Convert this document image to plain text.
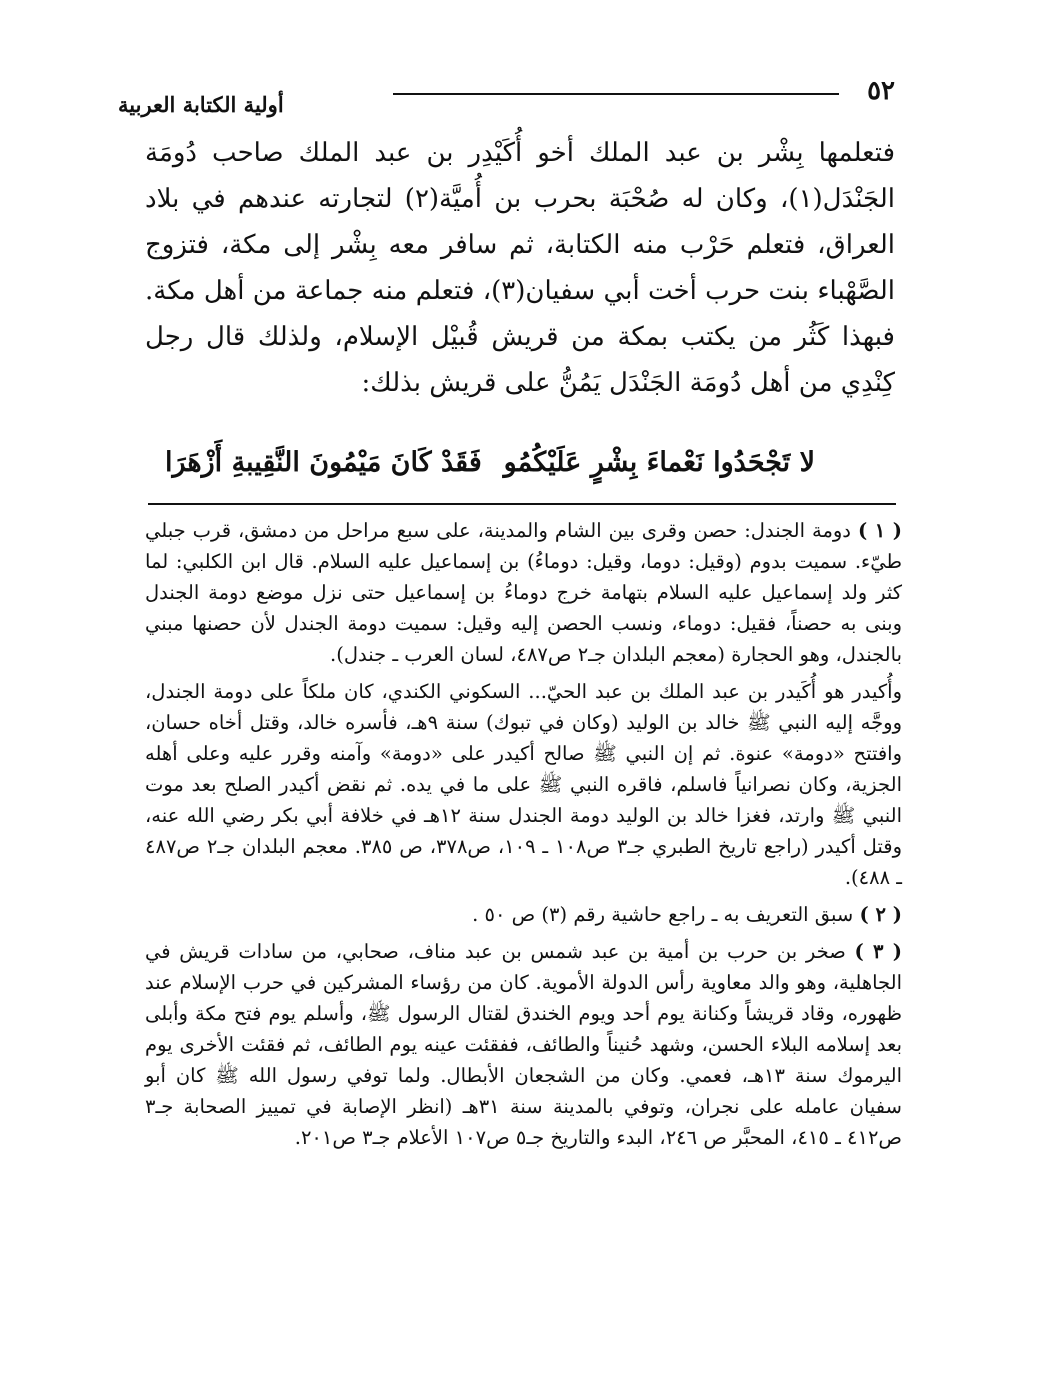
٥٢
أولية الكتابة العربية

فتعلمها بِشْر بن عبد الملك أخو أُكَيْدِر بن عبد الملك صاحب دُومَة الجَنْدَل(١)، وكان له صُحْبَة بحرب بن أُميَّة(٢) لتجارته عندهم في بلاد العراق، فتعلم حَرْب منه الكتابة، ثم سافر معه بِشْر إلى مكة، فتزوج الصَّهْباء بنت حرب أخت أبي سفيان(٣)، فتعلم منه جماعة من أهل مكة. فبهذا كَثُر من يكتب بمكة من قريش قُبيْل الإسلام، ولذلك قال رجل كِنْدِي من أهل دُومَة الجَنْدَل يَمُنُّ على قريش بذلك:

لا تَجْحَدُوا نَعْماءَ بِشْرٍ عَلَيْكُمُو
فَقَدْ كَانَ مَيْمُونَ النَّقِيبةِ أَزْهَرَا

( ١ ) دومة الجندل: حصن وقرى بين الشام والمدينة، على سبع مراحل من دمشق، قرب جبلي طيّء. سميت بدوم (وقيل: دوما، وقيل: دوماءُ) بن إسماعيل عليه السلام. قال ابن الكلبي: لما كثر ولد إسماعيل عليه السلام بتهامة خرج دوماءُ بن إسماعيل حتى نزل موضع دومة الجندل وبنى به حصناً، فقيل: دوماء، ونسب الحصن إليه وقيل: سميت دومة الجندل لأن حصنها مبني بالجندل، وهو الحجارة (معجم البلدان جـ٢ ص٤٨٧، لسان العرب ـ جندل).

وأُكيدر هو أُكَيدر بن عبد الملك بن عبد الحيّ... السكوني الكندي، كان ملكاً على دومة الجندل، ووجَّه إليه النبي ﷺ خالد بن الوليد (وكان في تبوك) سنة ٩هـ، فأسره خالد، وقتل أخاه حسان، وافتتح «دومة» عنوة. ثم إن النبي ﷺ صالح أكيدر على «دومة» وآمنه وقرر عليه وعلى أهله الجزية، وكان نصرانياً فاسلم، فاقره النبي ﷺ على ما في يده. ثم نقض أكيدر الصلح بعد موت النبي ﷺ وارتد، فغزا خالد بن الوليد دومة الجندل سنة ١٢هـ في خلافة أبي بكر رضي الله عنه، وقتل أكيدر (راجع تاريخ الطبري جـ٣ ص١٠٨ ـ ١٠٩، ص٣٧٨، ص ٣٨٥. معجم البلدان جـ٢ ص٤٨٧ ـ ٤٨٨).

( ٢ ) سبق التعريف به ـ راجع حاشية رقم (٣) ص ٥٠ .

( ٣ ) صخر بن حرب بن أمية بن عبد شمس بن عبد مناف، صحابي، من سادات قريش في الجاهلية، وهو والد معاوية رأس الدولة الأموية. كان من رؤساء المشركين في حرب الإسلام عند ظهوره، وقاد قريشاً وكنانة يوم أحد ويوم الخندق لقتال الرسول ﷺ، وأسلم يوم فتح مكة وأبلى بعد إسلامه البلاء الحسن، وشهد حُنيناً والطائف، ففقئت عينه يوم الطائف، ثم فقئت الأخرى يوم اليرموك سنة ١٣هـ، فعمي. وكان من الشجعان الأبطال. ولما توفي رسول الله ﷺ كان أبو سفيان عامله على نجران، وتوفي بالمدينة سنة ٣١هـ (انظر الإصابة في تمييز الصحابة جـ٣ ص٤١٢ ـ ٤١٥، المحبَّر ص ٢٤٦، البدء والتاريخ جـ٥ ص١٠٧ الأعلام جـ٣ ص٢٠١.
